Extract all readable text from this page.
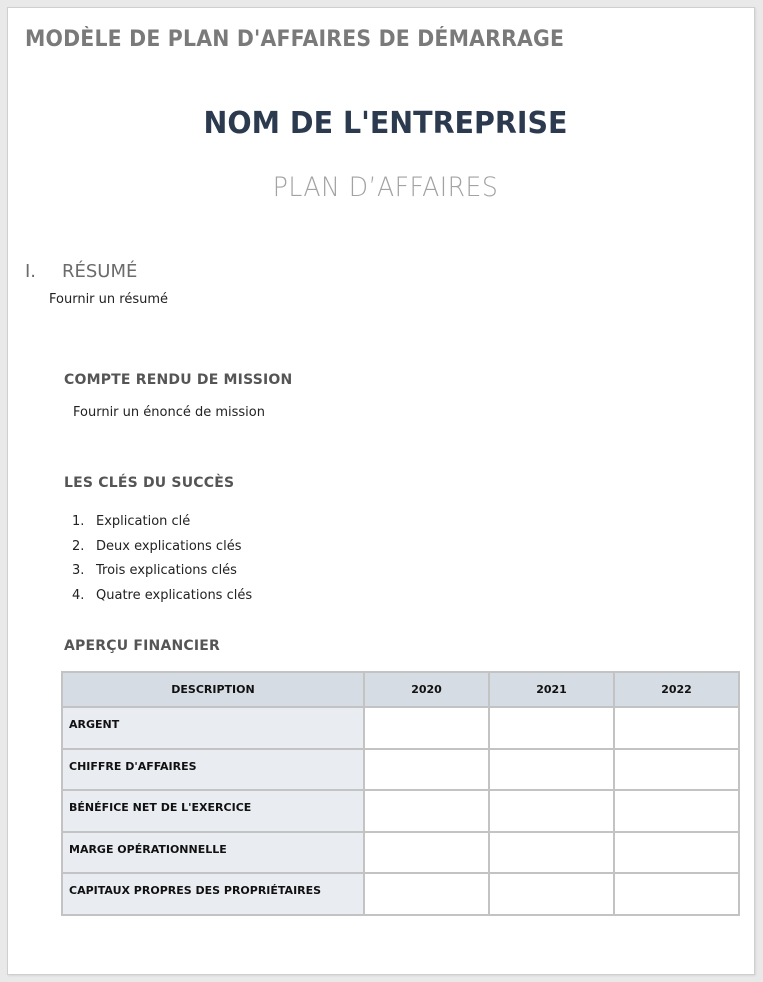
MODÈLE DE PLAN D'AFFAIRES DE DÉMARRAGE
NOM DE L'ENTREPRISE
PLAN D’AFFAIRES
I. RÉSUMÉ
Fournir un résumé
COMPTE RENDU DE MISSION
Fournir un énoncé de mission
LES CLÉS DU SUCCÈS
1. Explication clé
2. Deux explications clés
3. Trois explications clés
4. Quatre explications clés
APERÇU FINANCIER
DESCRIPTION	2020	2021	2022
ARGENT			
CHIFFRE D'AFFAIRES			
BÉNÉFICE NET DE L'EXERCICE			
MARGE OPÉRATIONNELLE			
CAPITAUX PROPRES DES PROPRIÉTAIRES			
